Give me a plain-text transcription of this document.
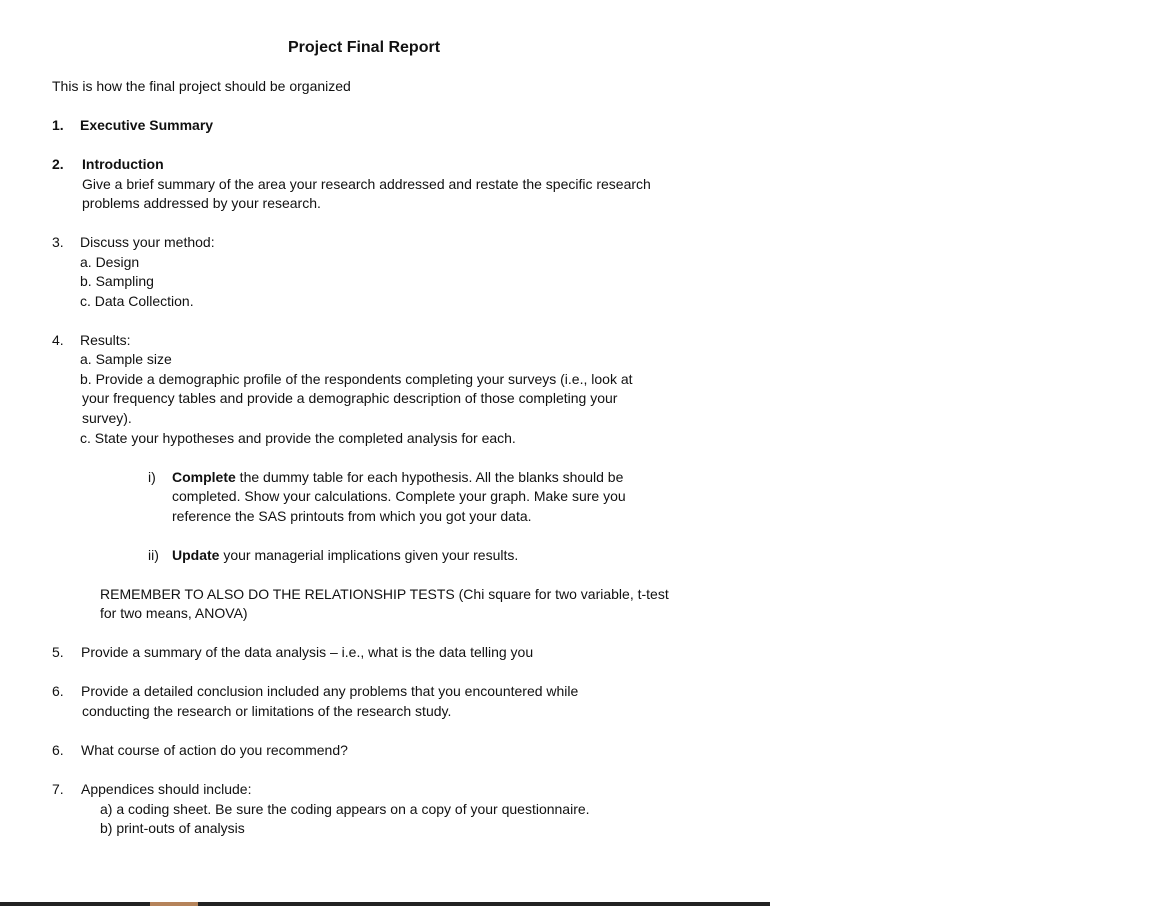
Project Final Report
This is how the final project should be organized
1. Executive Summary
2. Introduction
Give a brief summary of the area your research addressed and restate the specific research
problems addressed by your research.
3. Discuss your method:
a. Design
b. Sampling
c. Data Collection.
4. Results:
a. Sample size
b. Provide a demographic profile of the respondents completing your surveys (i.e., look at
your frequency tables and provide a demographic description of those completing your
survey).
c. State your hypotheses and provide the completed analysis for each.
i) Complete the dummy table for each hypothesis. All the blanks should be
completed. Show your calculations. Complete your graph. Make sure you
reference the SAS printouts from which you got your data.
ii) Update your managerial implications given your results.
REMEMBER TO ALSO DO THE RELATIONSHIP TESTS (Chi square for two variable, t-test
for two means, ANOVA)
5. Provide a summary of the data analysis – i.e., what is the data telling you
6. Provide a detailed conclusion included any problems that you encountered while
conducting the research or limitations of the research study.
6. What course of action do you recommend?
7. Appendices should include:
a) a coding sheet. Be sure the coding appears on a copy of your questionnaire.
b) print-outs of analysis
